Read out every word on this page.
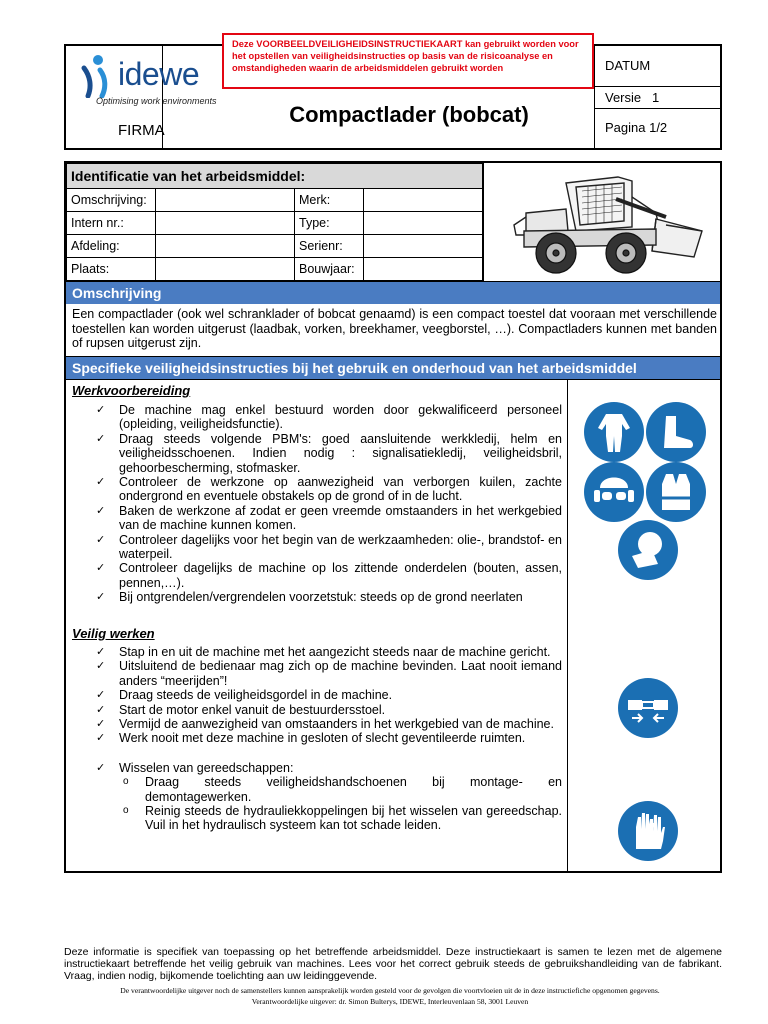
Deze VOORBEELDVEILIGHEIDSINSTRUCTIEKAART kan gebruikt worden voor het opstellen van veiligheidsinstructies op basis van de risicoanalyse en omstandigheden waarin de arbeidsmiddelen gebruikt worden
idewe
Optimising work environments
FIRMA
Compactlader (bobcat)
DATUM
Versie   1
Pagina 1/2
Identificatie van het arbeidsmiddel:			
Omschrijving:		Merk:	
Intern nr.:		Type:	
Afdeling:		Serienr:	
Plaats:		Bouwjaar:	
Omschrijving
Een compactlader (ook wel schranklader of bobcat genaamd) is een compact toestel dat vooraan met verschillende toestellen kan worden uitgerust (laadbak, vorken, breekhamer, veegborstel, …). Compactladers kunnen met banden of rupsen uitgerust zijn.
Specifieke veiligheidsinstructies bij het gebruik en onderhoud van het arbeidsmiddel
Werkvoorbereiding
✓ De machine mag enkel bestuurd worden door gekwalificeerd personeel (opleiding, veiligheidsfunctie).
✓ Draag steeds volgende PBM's: goed aansluitende werkkledij, helm en veiligheidsschoenen. Indien nodig : signalisatiekledij, veiligheidsbril, gehoorbescherming, stofmasker.
✓ Controleer de werkzone op aanwezigheid van verborgen kuilen, zachte ondergrond en eventuele obstakels op de grond of in de lucht.
✓ Baken de werkzone af zodat er geen vreemde omstaanders in het werkgebied van de machine kunnen komen.
✓ Controleer dagelijks voor het begin van de werkzaamheden: olie-, brandstof- en waterpeil.
✓ Controleer dagelijks de machine op los zittende onderdelen (bouten, assen, pennen,…).
✓ Bij ontgrendelen/vergrendelen voorzetstuk: steeds op de grond neerlaten
Veilig werken
✓ Stap in en uit de machine met het aangezicht steeds naar de machine gericht.
✓ Uitsluitend de bedienaar mag zich op de machine bevinden. Laat nooit iemand anders “meerijden”!
✓ Draag steeds de veiligheidsgordel in de machine.
✓ Start de motor enkel vanuit de bestuurdersstoel.
✓ Vermijd de aanwezigheid van omstaanders in het werkgebied van de machine.
✓ Werk nooit met deze machine in gesloten of slecht geventileerde ruimten.
✓ Wisselen van gereedschappen:
o Draag steeds veiligheidshandschoenen bij montage- en demontagewerken.
o Reinig steeds de hydrauliekkoppelingen bij het wisselen van gereedschap. Vuil in het hydraulisch systeem kan tot schade leiden.
Deze informatie is specifiek van toepassing op het betreffende arbeidsmiddel. Deze instructiekaart is samen te lezen met de algemene instructiekaart betreffende het veilig gebruik van machines. Lees voor het correct gebruik steeds de gebruikshandleiding van de fabrikant. Vraag, indien nodig, bijkomende toelichting aan uw leidinggevende.
De verantwoordelijke uitgever noch de samenstellers kunnen aansprakelijk worden gesteld voor de gevolgen die voortvloeien uit de in deze instructiefiche opgenomen gegevens.
Verantwoordelijke uitgever: dr. Simon Bulterys, IDEWE, Interleuvenlaan 58, 3001 Leuven
